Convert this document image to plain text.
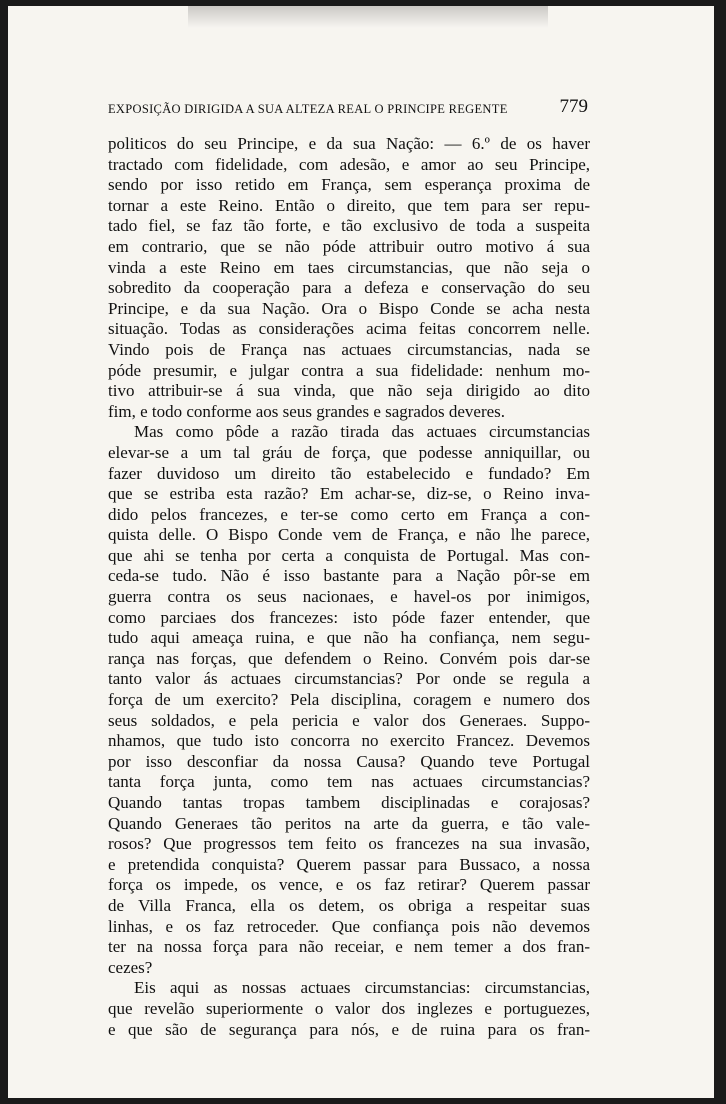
EXPOSIÇÃO DIRIGIDA A SUA ALTEZA REAL O PRINCIPE REGENTE	779
politicos do seu Principe, e da sua Nação: — 6.º de os haver
tractado com fidelidade, com adesão, e amor ao seu Principe,
sendo por isso retido em França, sem esperança proxima de
tornar a este Reino. Então o direito, que tem para ser repu-
tado fiel, se faz tão forte, e tão exclusivo de toda a suspeita
em contrario, que se não póde attribuir outro motivo á sua
vinda a este Reino em taes circumstancias, que não seja o
sobredito da cooperação para a defeza e conservação do seu
Principe, e da sua Nação. Ora o Bispo Conde se acha nesta
situação. Todas as considerações acima feitas concorrem nelle.
Vindo pois de França nas actuaes circumstancias, nada se
póde presumir, e julgar contra a sua fidelidade: nenhum mo-
tivo attribuir-se á sua vinda, que não seja dirigido ao dito
fim, e todo conforme aos seus grandes e sagrados deveres.
Mas como pôde a razão tirada das actuaes circumstancias
elevar-se a um tal gráu de força, que podesse anniquillar, ou
fazer duvidoso um direito tão estabelecido e fundado? Em
que se estriba esta razão? Em achar-se, diz-se, o Reino inva-
dido pelos francezes, e ter-se como certo em França a con-
quista delle. O Bispo Conde vem de França, e não lhe parece,
que ahi se tenha por certa a conquista de Portugal. Mas con-
ceda-se tudo. Não é isso bastante para a Nação pôr-se em
guerra contra os seus nacionaes, e havel-os por inimigos,
como parciaes dos francezes: isto póde fazer entender, que
tudo aqui ameaça ruina, e que não ha confiança, nem segu-
rança nas forças, que defendem o Reino. Convém pois dar-se
tanto valor ás actuaes circumstancias? Por onde se regula a
força de um exercito? Pela disciplina, coragem e numero dos
seus soldados, e pela pericia e valor dos Generaes. Suppo-
nhamos, que tudo isto concorra no exercito Francez. Devemos
por isso desconfiar da nossa Causa? Quando teve Portugal
tanta força junta, como tem nas actuaes circumstancias?
Quando tantas tropas tambem disciplinadas e corajosas?
Quando Generaes tão peritos na arte da guerra, e tão vale-
rosos? Que progressos tem feito os francezes na sua invasão,
e pretendida conquista? Querem passar para Bussaco, a nossa
força os impede, os vence, e os faz retirar? Querem passar
de Villa Franca, ella os detem, os obriga a respeitar suas
linhas, e os faz retroceder. Que confiança pois não devemos
ter na nossa força para não receiar, e nem temer a dos fran-
cezes?
Eis aqui as nossas actuaes circumstancias: circumstancias,
que revelão superiormente o valor dos inglezes e portuguezes,
e que são de segurança para nós, e de ruina para os fran-
